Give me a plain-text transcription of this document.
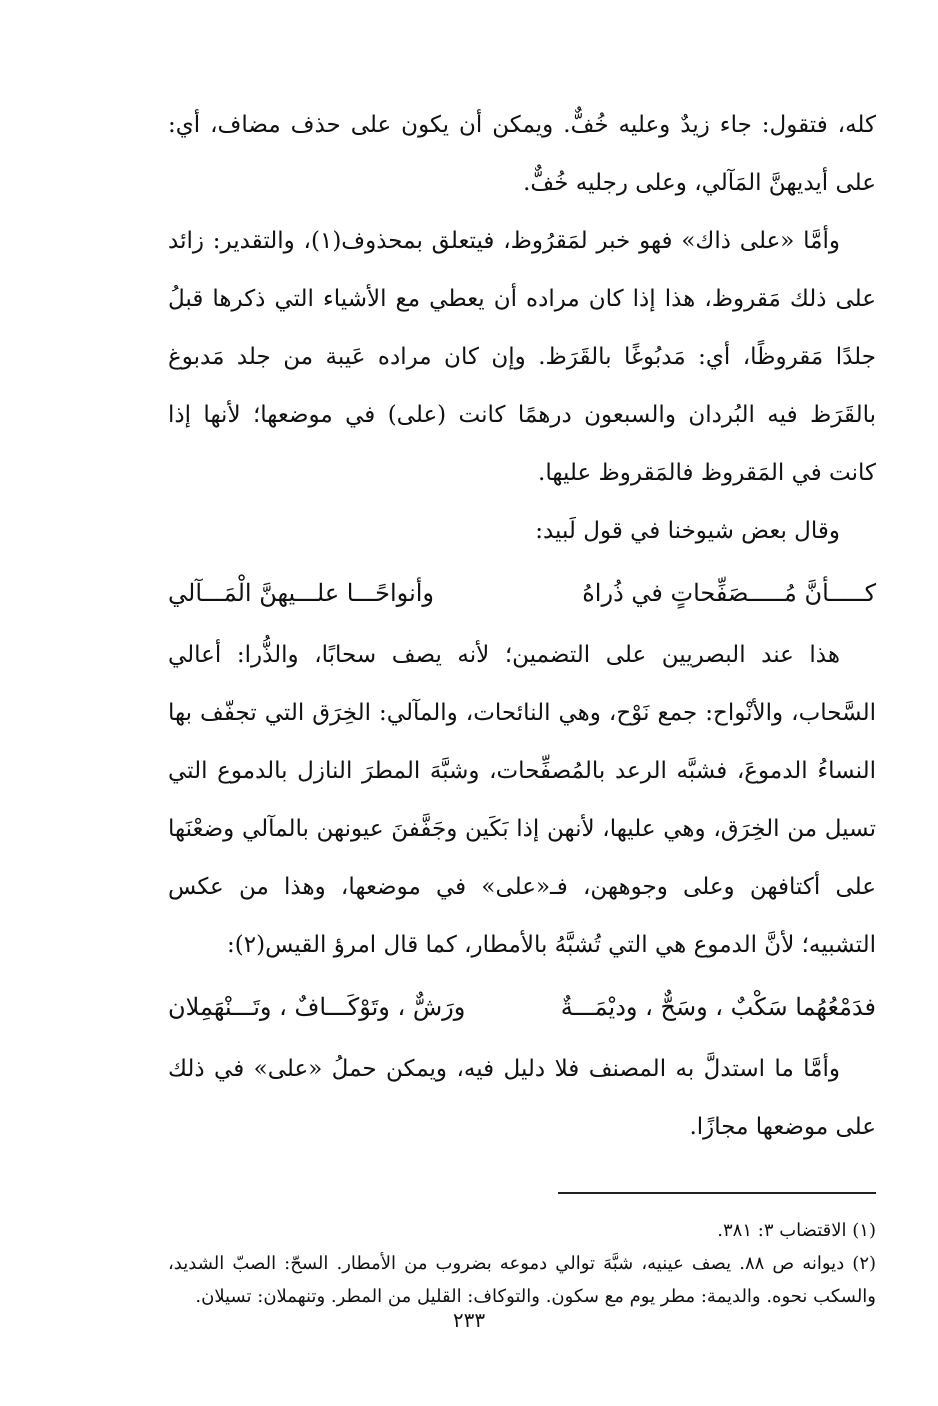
كله، فتقول: جاء زيدٌ وعليه خُفٌّ. ويمكن أن يكون على حذف مضاف، أي: على أيديهنَّ المَآلي، وعلى رجليه خُفٌّ.

وأمَّا «على ذاك» فهو خبر لمَقرُوظ، فيتعلق بمحذوف(١)، والتقدير: زائد على ذلك مَقروظ، هذا إذا كان مراده أن يعطي مع الأشياء التي ذكرها قبلُ جلدًا مَقروظًا، أي: مَدبُوغًا بالقَرَظ. وإن كان مراده عَيبة من جلد مَدبوغ بالقَرَظ فيه البُردان والسبعون درهمًا كانت (على) في موضعها؛ لأنها إذا كانت في المَقروظ فالمَقروظ عليها.

وقال بعض شيوخنا في قول لَبيد:

كـــــأنَّ مُـــــصَفِّحاتٍ في ذُراهُ
وأنواحًـــا علـــيهنَّ الْمَـــآلي

هذا عند البصريين على التضمين؛ لأنه يصف سحابًا، والذُّرا: أعالي السَّحاب، والأنْواح: جمع نَوْح، وهي النائحات، والمآلي: الخِرَق التي تجفّف بها النساءُ الدموعَ، فشبَّه الرعد بالمُصفِّحات، وشبَّهَ المطرَ النازل بالدموع التي تسيل من الخِرَق، وهي عليها، لأنهن إذا بَكَين وجَفَّفنَ عيونهن بالمآلي وضعْنَها على أكتافهن وعلى وجوههن، فـ«على» في موضعها، وهذا من عكس التشبيه؛ لأنَّ الدموع هي التي تُشبَّهُ بالأمطار، كما قال امرؤ القيس(٢):

فدَمْعُهُما سَكْبٌ ، وسَحٌّ ، وديْمَـــةٌ
ورَشٌّ ، وتَوْكَـــافٌ ، وتَـــنْهَمِلان

وأمَّا ما استدلَّ به المصنف فلا دليل فيه، ويمكن حملُ «على» في ذلك على موضعها مجازًا.

(١) الاقتضاب ٣: ٣٨١.

(٢) ديوانه ص ٨٨. يصف عينيه، شبَّهَ توالي دموعه بضروب من الأمطار. السحّ: الصبّ الشديد، والسكب نحوه. والديمة: مطر يوم مع سكون. والتوكاف: القليل من المطر. وتنهملان: تسيلان.

٢٣٣
